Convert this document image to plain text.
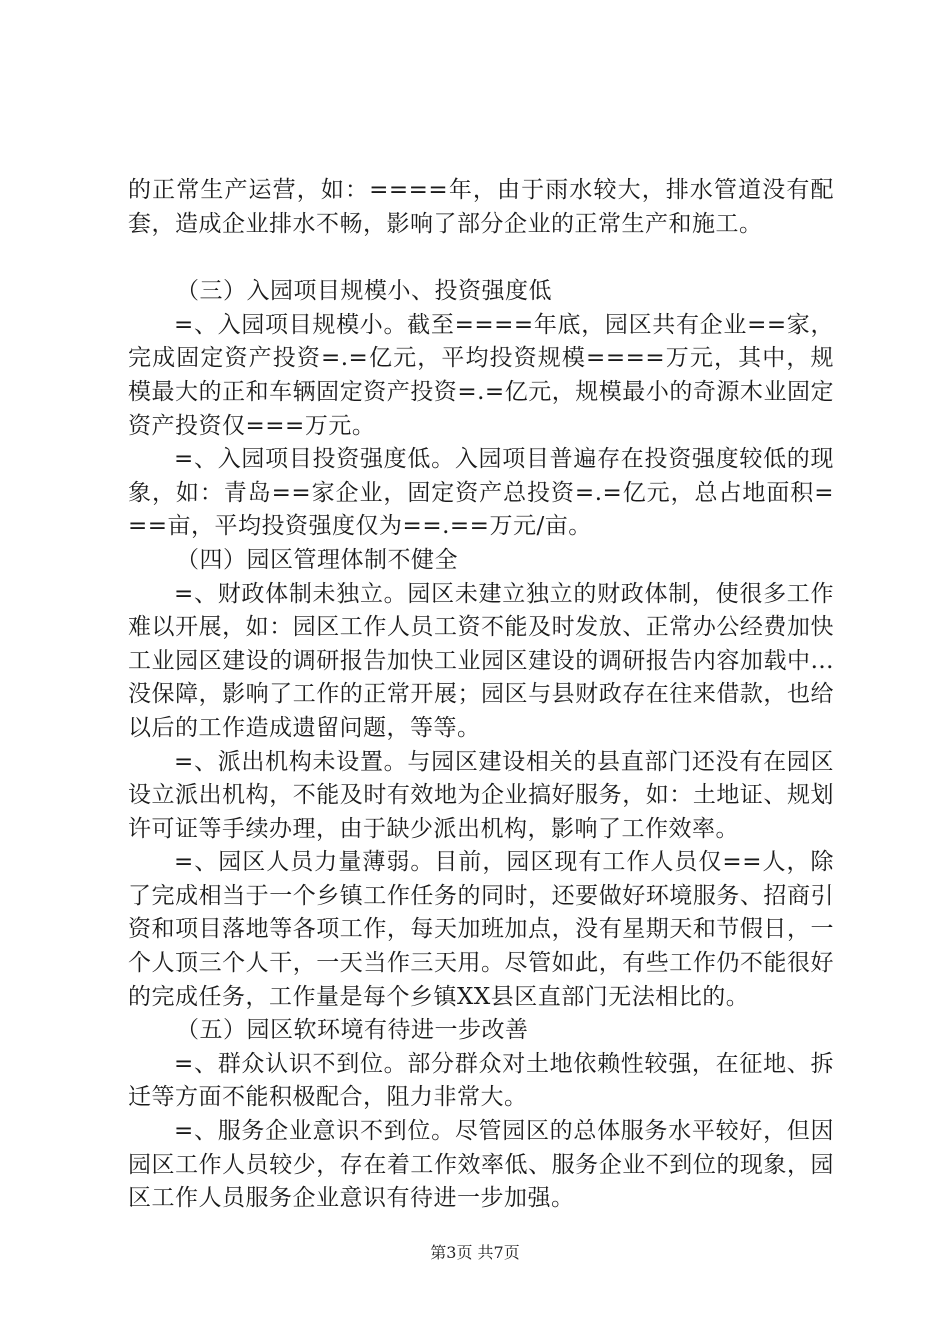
的正常生产运营，如：====年，由于雨水较大，排水管道没有配套，造成企业排水不畅，影响了部分企业的正常生产和施工。

（三）入园项目规模小、投资强度低

=、入园项目规模小。截至====年底，园区共有企业==家，完成固定资产投资=.=亿元，平均投资规模====万元，其中，规模最大的正和车辆固定资产投资=.=亿元，规模最小的奇源木业固定资产投资仅===万元。

=、入园项目投资强度低。入园项目普遍存在投资强度较低的现象，如：青岛==家企业，固定资产总投资=.=亿元，总占地面积===亩，平均投资强度仅为==.==万元/亩。

（四）园区管理体制不健全

=、财政体制未独立。园区未建立独立的财政体制，使很多工作难以开展，如：园区工作人员工资不能及时发放、正常办公经费加快工业园区建设的调研报告加快工业园区建设的调研报告内容加载中...没保障，影响了工作的正常开展；园区与县财政存在往来借款，也给以后的工作造成遗留问题，等等。

=、派出机构未设置。与园区建设相关的县直部门还没有在园区设立派出机构，不能及时有效地为企业搞好服务，如：土地证、规划许可证等手续办理，由于缺少派出机构，影响了工作效率。

=、园区人员力量薄弱。目前，园区现有工作人员仅==人，除了完成相当于一个乡镇工作任务的同时，还要做好环境服务、招商引资和项目落地等各项工作，每天加班加点，没有星期天和节假日，一个人顶三个人干，一天当作三天用。尽管如此，有些工作仍不能很好的完成任务，工作量是每个乡镇XX县区直部门无法相比的。

（五）园区软环境有待进一步改善

=、群众认识不到位。部分群众对土地依赖性较强，在征地、拆迁等方面不能积极配合，阻力非常大。

=、服务企业意识不到位。尽管园区的总体服务水平较好，但因园区工作人员较少，存在着工作效率低、服务企业不到位的现象，园区工作人员服务企业意识有待进一步加强。

第3页 共7页
